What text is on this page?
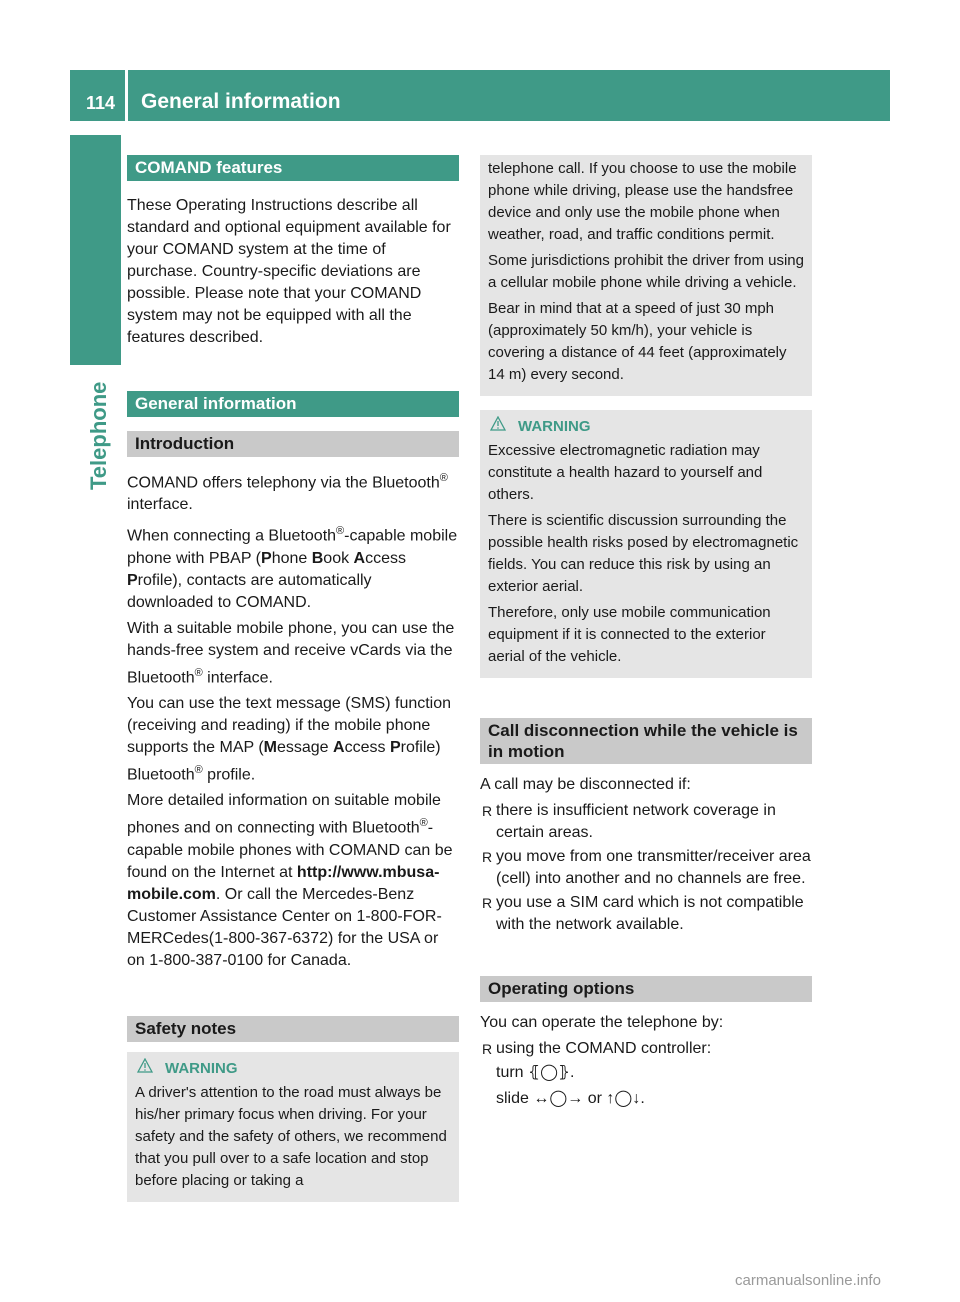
114 General information
Telephone
COMAND features

These Operating Instructions describe all standard and optional equipment available for your COMAND system at the time of purchase. Country-specific deviations are possible. Please note that your COMAND system may not be equipped with all the features described.

General information
Introduction

COMAND offers telephony via the Bluetooth® interface.

When connecting a Bluetooth®-capable mobile phone with PBAP (Phone Book Access Profile), contacts are automatically downloaded to COMAND.

With a suitable mobile phone, you can use the hands-free system and receive vCards via the Bluetooth® interface.

You can use the text message (SMS) function (receiving and reading) if the mobile phone supports the MAP (Message Access Profile) Bluetooth® profile.

More detailed information on suitable mobile phones and on connecting with Bluetooth®-capable mobile phones with COMAND can be found on the Internet at http://www.mbusa-mobile.com. Or call the Mercedes-Benz Customer Assistance Center on 1-800-FOR-MERCedes(1-800-367-6372) for the USA or on 1-800-387-0100 for Canada.

Safety notes
WARNING

A driver's attention to the road must always be his/her primary focus when driving. For your safety and the safety of others, we recommend that you pull over to a safe location and stop before placing or taking a

telephone call. If you choose to use the mobile phone while driving, please use the handsfree device and only use the mobile phone when weather, road, and traffic conditions permit.

Some jurisdictions prohibit the driver from using a cellular mobile phone while driving a vehicle.

Bear in mind that at a speed of just 30 mph (approximately 50 km/h), your vehicle is covering a distance of 44 feet (approximately 14 m) every second.

WARNING

Excessive electromagnetic radiation may constitute a health hazard to yourself and others.

There is scientific discussion surrounding the possible health risks posed by electromagnetic fields. You can reduce this risk by using an exterior aerial.

Therefore, only use mobile communication equipment if it is connected to the exterior aerial of the vehicle.

Call disconnection while the vehicle is in motion

A call may be disconnected if:

R there is insufficient network coverage in certain areas.
R you move from one transmitter/receiver area (cell) into another and no channels are free.
R you use a SIM card which is not compatible with the network available.
Operating options

You can operate the telephone by:

R using the COMAND controller:

turn ⦃◯⦄.

slide ↔◯→ or ↑◯↓.

carmanualsonline.info
